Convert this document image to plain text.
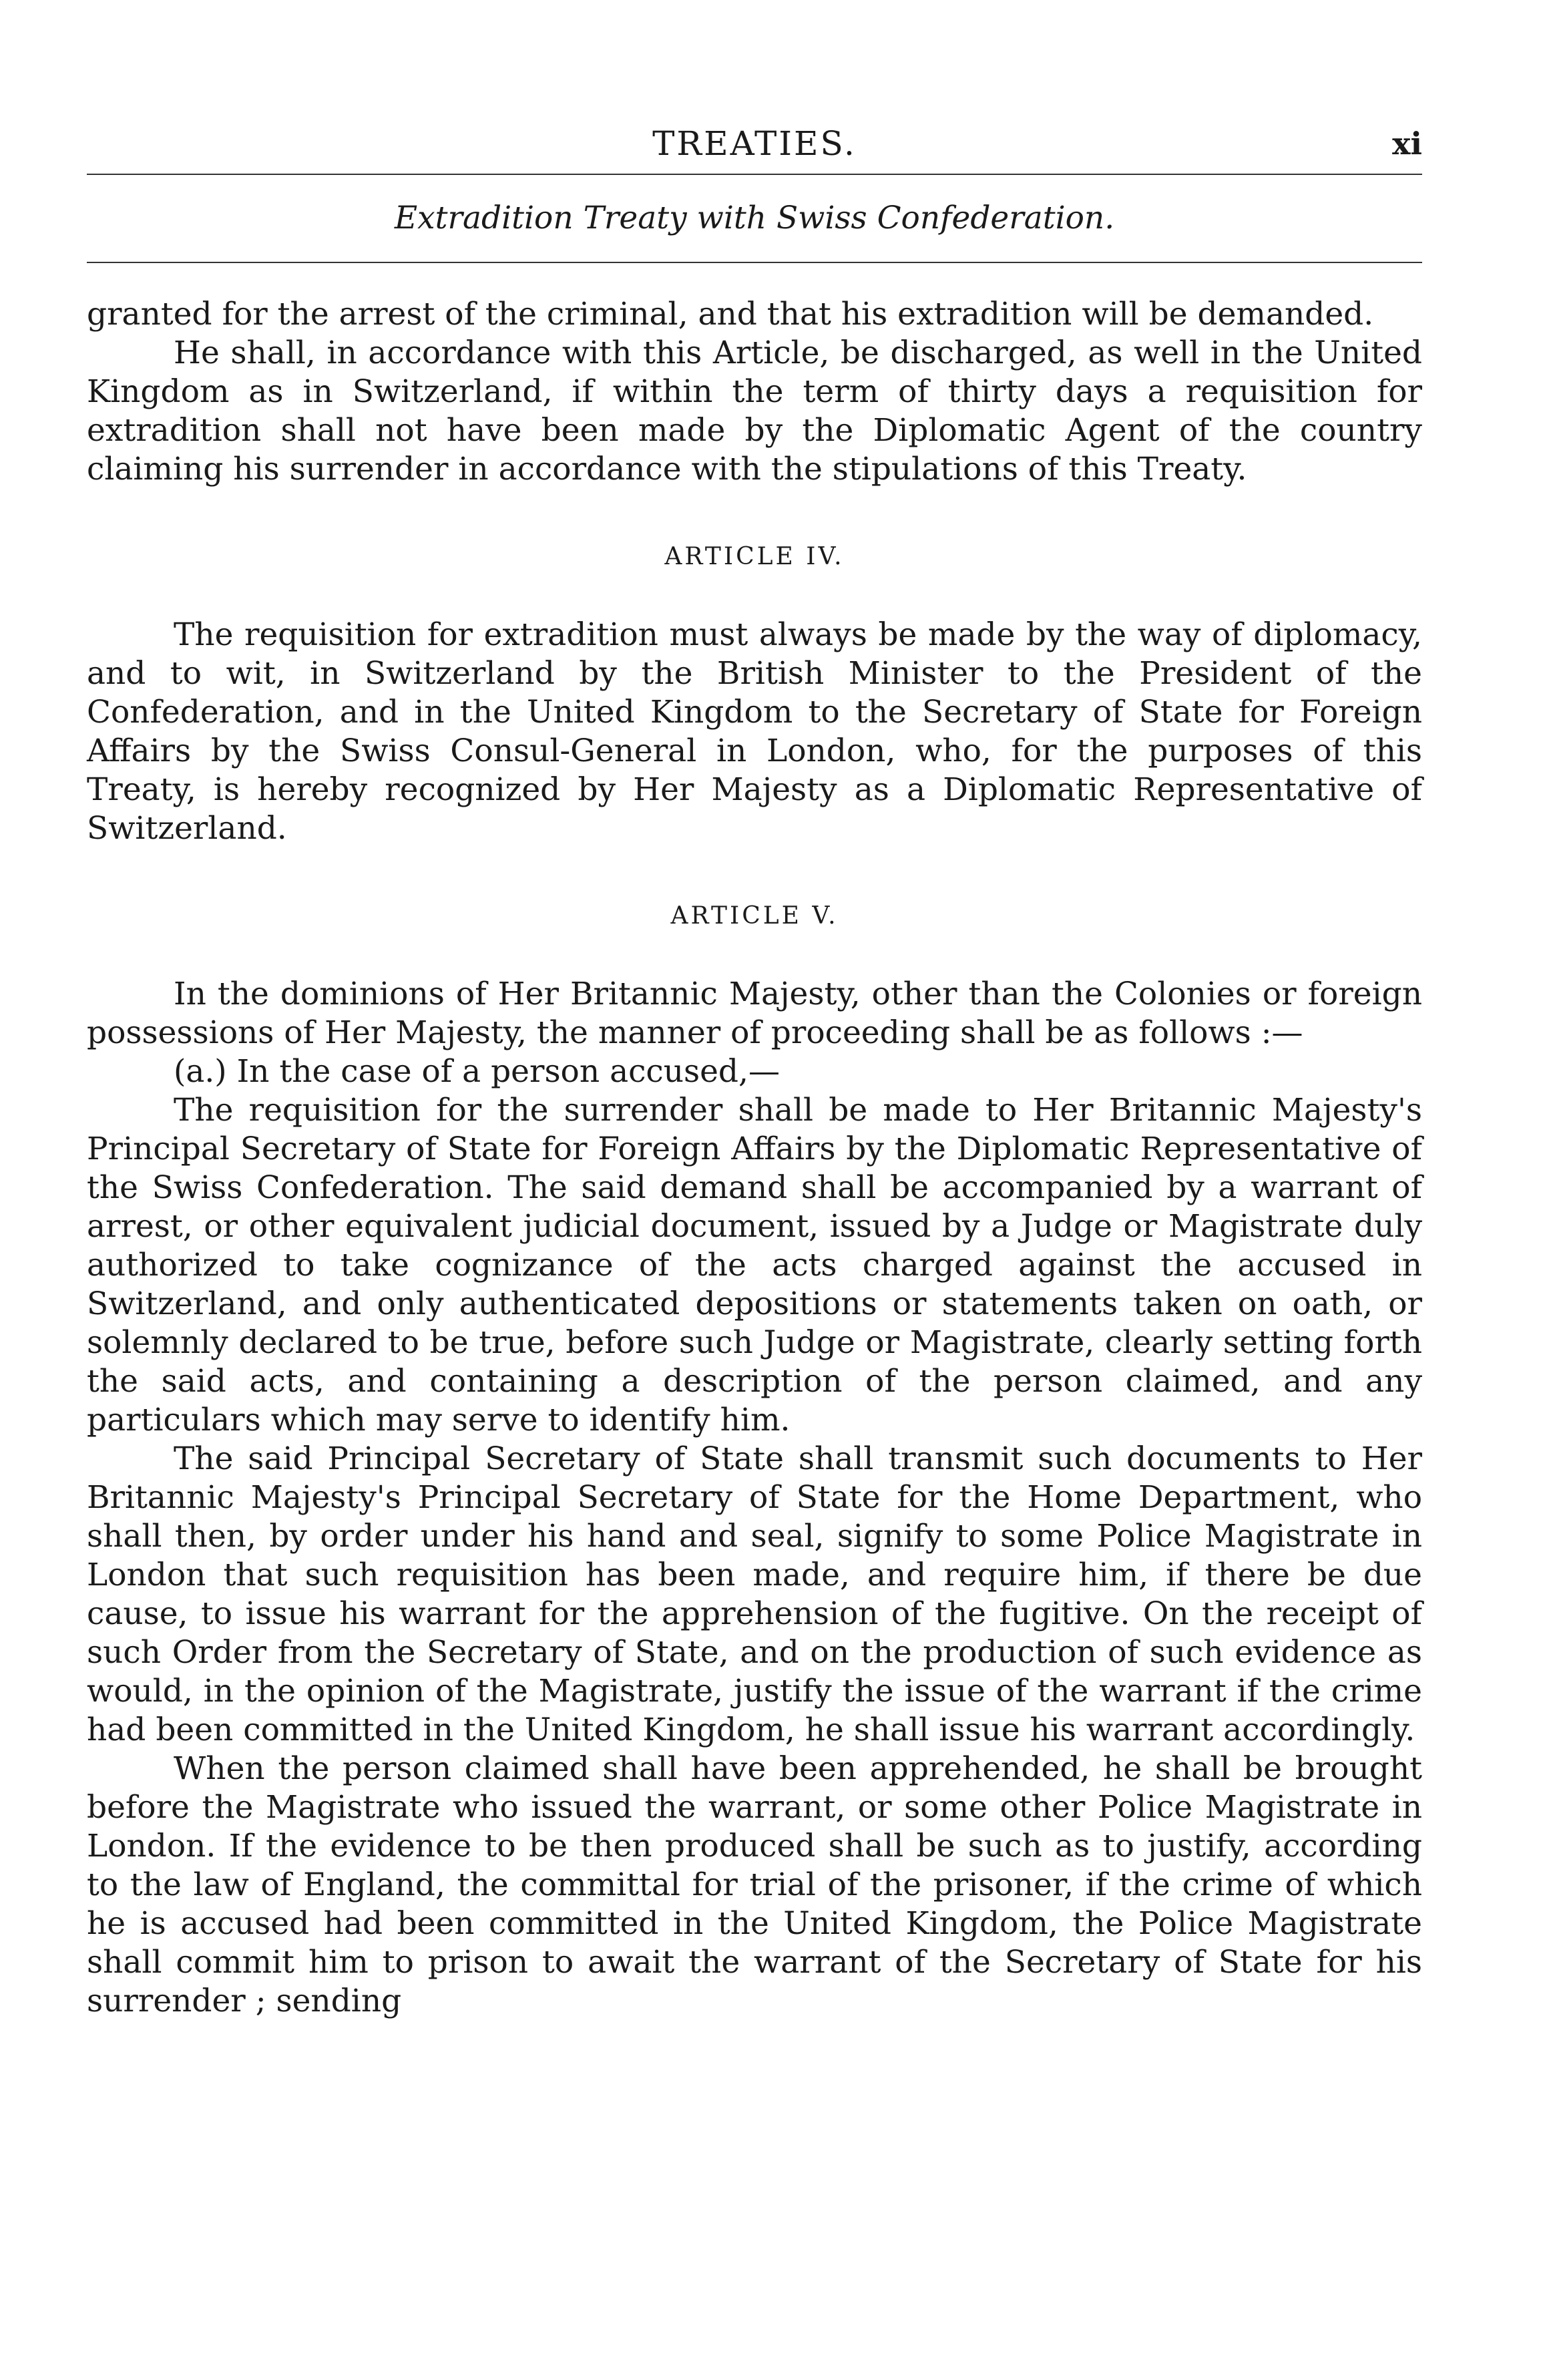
TREATIES.	xi
Extradition Treaty with Swiss Confederation.

granted for the arrest of the criminal, and that his extradition will be demanded.

He shall, in accordance with this Article, be discharged, as well in the United Kingdom as in Switzerland, if within the term of thirty days a requisition for extradition shall not have been made by the Diplomatic Agent of the country claiming his surrender in accordance with the stipulations of this Treaty.

ARTICLE IV.

The requisition for extradition must always be made by the way of diplomacy, and to wit, in Switzerland by the British Minister to the President of the Confederation, and in the United Kingdom to the Secretary of State for Foreign Affairs by the Swiss Consul-General in London, who, for the purposes of this Treaty, is hereby recognized by Her Majesty as a Diplomatic Representative of Switzerland.

ARTICLE V.

In the dominions of Her Britannic Majesty, other than the Colonies or foreign possessions of Her Majesty, the manner of proceeding shall be as follows :—

(a.) In the case of a person accused,—

The requisition for the surrender shall be made to Her Britannic Majesty's Principal Secretary of State for Foreign Affairs by the Diplomatic Representative of the Swiss Confederation. The said demand shall be accompanied by a warrant of arrest, or other equivalent judicial document, issued by a Judge or Magistrate duly authorized to take cognizance of the acts charged against the accused in Switzerland, and only authenticated depositions or statements taken on oath, or solemnly declared to be true, before such Judge or Magistrate, clearly setting forth the said acts, and containing a description of the person claimed, and any particulars which may serve to identify him.

The said Principal Secretary of State shall transmit such documents to Her Britannic Majesty's Principal Secretary of State for the Home Department, who shall then, by order under his hand and seal, signify to some Police Magistrate in London that such requisition has been made, and require him, if there be due cause, to issue his warrant for the apprehension of the fugitive. On the receipt of such Order from the Secretary of State, and on the production of such evidence as would, in the opinion of the Magistrate, justify the issue of the warrant if the crime had been committed in the United Kingdom, he shall issue his warrant accordingly.

When the person claimed shall have been apprehended, he shall be brought before the Magistrate who issued the warrant, or some other Police Magistrate in London. If the evidence to be then produced shall be such as to justify, according to the law of England, the committal for trial of the prisoner, if the crime of which he is accused had been committed in the United Kingdom, the Police Magistrate shall commit him to prison to await the warrant of the Secretary of State for his surrender ; sending
